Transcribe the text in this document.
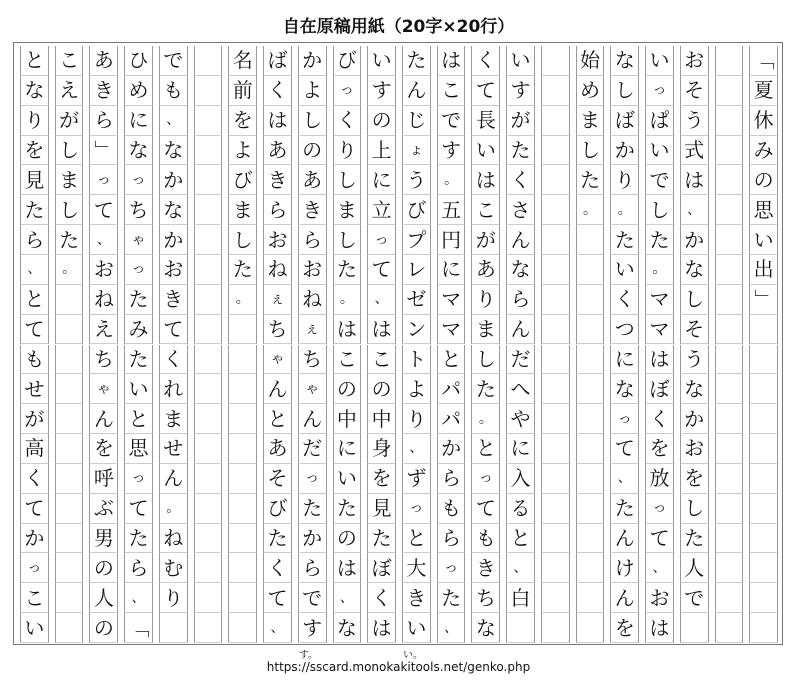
自在原稿用紙（20字×20行）
「
夏
休
み
の
思
い
出
」
お
そ
う
式
は
、
か
な
し
そ
う
な
か
お
を
し
た
人
で
い
っ
ぱ
い
で
し
た
。
マ
マ
は
ぼ
く
を
放
っ
て
、
お
は
な
し
ば
か
り
。
た
い
く
つ
に
な
っ
て
、
た
ん
け
ん
を
始
め
ま
し
た
。
い
す
が
た
く
さ
ん
な
ら
ん
だ
へ
や
に
入
る
と
、
白
く
て
長
い
は
こ
が
あ
り
ま
し
た
。
と
っ
て
も
き
ち
な
は
こ
で
す
。
五
円
に
マ
マ
と
パ
パ
か
ら
も
ら
っ
た
、
た
ん
じ
ょ
う
び
プ
レ
ゼ
ン
ト
よ
り
、
ず
っ
と
大
き
い
い
す
の
上
に
立
っ
て
、
は
こ
の
中
身
を
見
た
ぼ
く
は
び
っ
く
り
し
ま
し
た
。
は
こ
の
中
に
い
た
の
は
、
な
か
よ
し
の
あ
き
ら
お
ね
ぇ
ち
ゃ
ん
だ
っ
た
か
ら
で
す
ば
く
は
あ
き
ら
お
ね
ぇ
ち
ゃ
ん
と
あ
そ
び
た
く
て
、
名
前
を
よ
び
ま
し
た
。
で
も
、
な
か
な
か
お
き
て
く
れ
ま
せ
ん
。
ね
む
り
ひ
め
に
な
っ
ち
ゃ
っ
た
み
た
い
と
思
っ
て
た
ら
、
「
あ
き
ら
」
っ
て
、
お
ね
え
ち
ゃ
ん
を
呼
ぶ
男
の
人
の
こ
え
が
し
ま
し
た
。
と
な
り
を
見
た
ら
、
と
て
も
せ
が
高
く
て
か
っ
こ
い
https://sscard.monokakitools.net/genko.php
い。
す。
